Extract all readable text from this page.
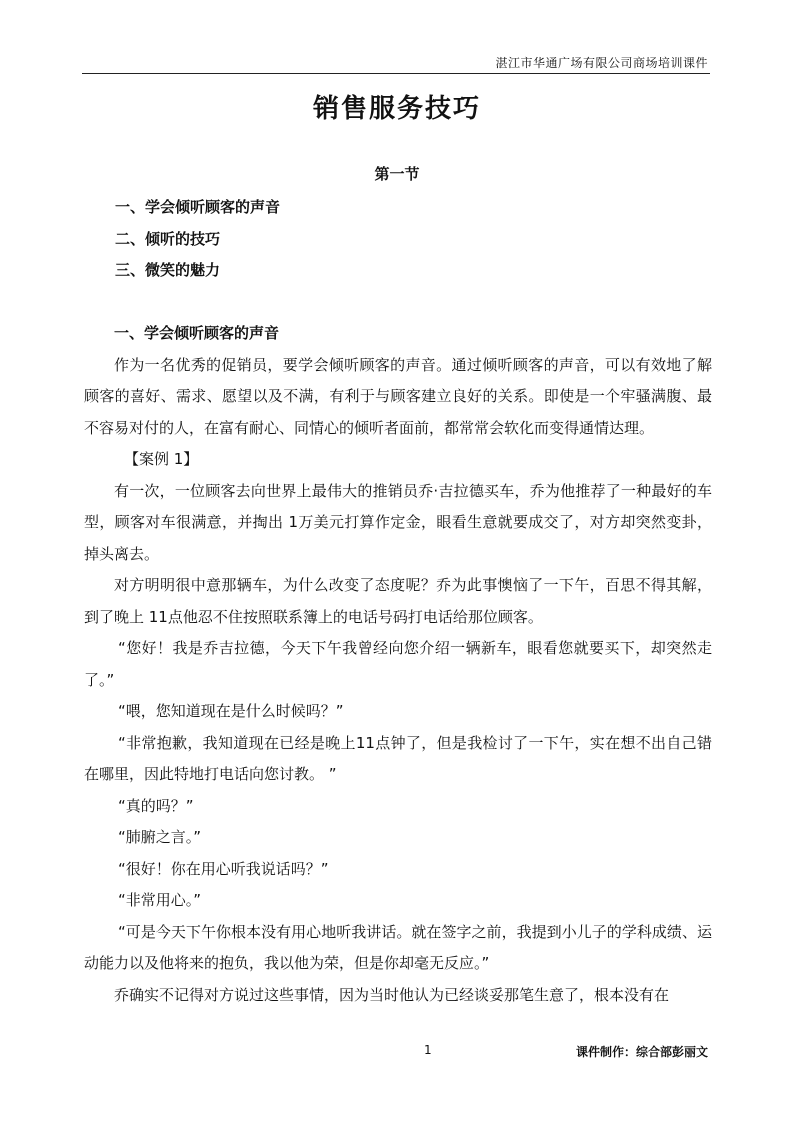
湛江市华通广场有限公司商场培训课件
销售服务技巧
第一节
一、学会倾听顾客的声音
二、倾听的技巧
三、微笑的魅力

一、学会倾听顾客的声音

作为一名优秀的促销员，要学会倾听顾客的声音。通过倾听顾客的声音，可以有效地了解顾客的喜好、需求、愿望以及不满，有利于与顾客建立良好的关系。即使是一个牢骚满腹、最不容易对付的人，在富有耐心、同情心的倾听者面前，都常常会软化而变得通情达理。

【案例 1】

有一次，一位顾客去向世界上最伟大的推销员乔·吉拉德买车，乔为他推荐了一种最好的车型，顾客对车很满意，并掏出 1万美元打算作定金，眼看生意就要成交了，对方却突然变卦，掉头离去。

对方明明很中意那辆车，为什么改变了态度呢？乔为此事懊恼了一下午，百思不得其解，到了晚上 11点他忍不住按照联系簿上的电话号码打电话给那位顾客。

“您好！我是乔吉拉德，今天下午我曾经向您介绍一辆新车，眼看您就要买下，却突然走了。”

“喂，您知道现在是什么时候吗？”

“非常抱歉，我知道现在已经是晚上11点钟了，但是我检讨了一下午，实在想不出自己错在哪里，因此特地打电话向您讨教。 ”

“真的吗？”

“肺腑之言。”

“很好！你在用心听我说话吗？”

“非常用心。”

“可是今天下午你根本没有用心地听我讲话。就在签字之前，我提到小儿子的学科成绩、运动能力以及他将来的抱负，我以他为荣，但是你却毫无反应。”

乔确实不记得对方说过这些事情，因为当时他认为已经谈妥那笔生意了，根本没有在

1	课件制作：综合部彭丽文
